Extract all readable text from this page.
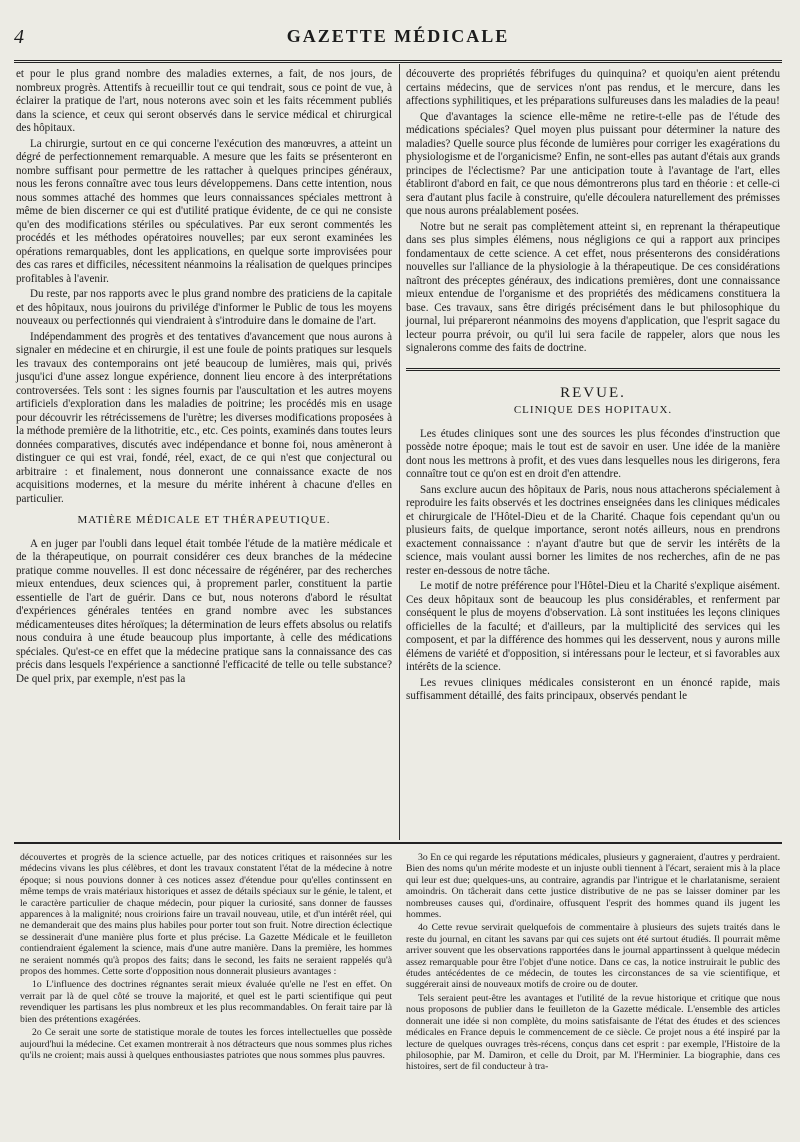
4	GAZETTE MÉDICALE

et pour le plus grand nombre des maladies externes, a fait, de nos jours, de nombreux progrès. Attentifs à recueillir tout ce qui tendrait, sous ce point de vue, à éclairer la pratique de l'art, nous noterons avec soin et les faits récemment publiés dans la science, et ceux qui seront observés dans le service médical et chirurgical des hôpitaux.

La chirurgie, surtout en ce qui concerne l'exécution des manœuvres, a atteint un dégré de perfectionnement remarquable. A mesure que les faits se présenteront en nombre suffisant pour permettre de les rattacher à quelques principes généraux, nous les ferons connaître avec tous leurs développemens. Dans cette intention, nous nous sommes attaché des hommes que leurs connaissances spéciales mettront à même de bien discerner ce qui est d'utilité pratique évidente, de ce qui ne consiste qu'en des modifications stériles ou spéculatives. Par eux seront commentés les procédés et les méthodes opératoires nouvelles; par eux seront examinées les opérations remarquables, dont les applications, en quelque sorte improvisées pour des cas rares et difficiles, nécessitent néanmoins la réalisation de quelques principes profitables à l'avenir.

Du reste, par nos rapports avec le plus grand nombre des praticiens de la capitale et des hôpitaux, nous jouirons du privilége d'informer le Public de tous les moyens nouveaux ou perfectionnés qui viendraient à s'introduire dans le domaine de l'art.

Indépendamment des progrès et des tentatives d'avancement que nous aurons à signaler en médecine et en chirurgie, il est une foule de points pratiques sur lesquels les travaux des contemporains ont jeté beaucoup de lumières, mais qui, privés jusqu'ici d'une assez longue expérience, donnent lieu encore à des interprétations controversées. Tels sont : les signes fournis par l'auscultation et les autres moyens artificiels d'exploration dans les maladies de poitrine; les procédés mis en usage pour découvrir les rétrécissemens de l'urètre; les diverses modifications proposées à la méthode première de la lithotritie, etc., etc. Ces points, examinés dans toutes leurs données comparatives, discutés avec indépendance et bonne foi, nous amèneront à distinguer ce qui est vrai, fondé, réel, exact, de ce qui n'est que conjectural ou arbitraire : et finalement, nous donneront une connaissance exacte de nos acquisitions modernes, et la mesure du mérite inhérent à chacune d'elles en particulier.

MATIÈRE MÉDICALE ET THÉRAPEUTIQUE.

A en juger par l'oubli dans lequel était tombée l'étude de la matière médicale et de la thérapeutique, on pourrait considérer ces deux branches de la médecine pratique comme nouvelles. Il est donc nécessaire de régénérer, par des recherches mieux entendues, deux sciences qui, à proprement parler, constituent la partie essentielle de l'art de guérir. Dans ce but, nous noterons d'abord le résultat d'expériences générales tentées en grand nombre avec les substances médicamenteuses dites héroïques; la détermination de leurs effets absolus ou relatifs nous conduira à une étude beaucoup plus importante, à celle des médications spéciales. Qu'est-ce en effet que la médecine pratique sans la connaissance des cas précis dans lesquels l'expérience a sanctionné l'efficacité de telle ou telle substance? De quel prix, par exemple, n'est pas la

découverte des propriétés fébrifuges du quinquina? et quoiqu'en aient prétendu certains médecins, que de services n'ont pas rendus, et le mercure, dans les affections syphilitiques, et les préparations sulfureuses dans les maladies de la peau!

Que d'avantages la science elle-même ne retire-t-elle pas de l'étude des médications spéciales? Quel moyen plus puissant pour déterminer la nature des maladies? Quelle source plus féconde de lumières pour corriger les exagérations du physiologisme et de l'organicisme? Enfin, ne sont-elles pas autant d'étais aux grands principes de l'éclectisme? Par une anticipation toute à l'avantage de l'art, elles établiront d'abord en fait, ce que nous démontrerons plus tard en théorie : et celle-ci sera d'autant plus facile à construire, qu'elle découlera naturellement des prémisses que nous aurons préalablement posées.

Notre but ne serait pas complètement atteint si, en reprenant la thérapeutique dans ses plus simples élémens, nous négligions ce qui a rapport aux principes fondamentaux de cette science. A cet effet, nous présenterons des considérations nouvelles sur l'alliance de la physiologie à la thérapeutique. De ces considérations naîtront des préceptes généraux, des indications premières, dont une connaissance mieux entendue de l'organisme et des propriétés des médicamens constituera la base. Ces travaux, sans être dirigés précisément dans le but philosophique du journal, lui prépareront néanmoins des moyens d'application, que l'esprit sagace du lecteur pourra prévoir, ou qu'il lui sera facile de rappeler, alors que nous les signalerons comme des faits de doctrine.

REVUE.
CLINIQUE DES HOPITAUX.

Les études cliniques sont une des sources les plus fécondes d'instruction que possède notre époque; mais le tout est de savoir en user. Une idée de la manière dont nous les mettrons à profit, et des vues dans lesquelles nous les dirigerons, fera connaître tout ce qu'on est en droit d'en attendre.

Sans exclure aucun des hôpitaux de Paris, nous nous attacherons spécialement à reproduire les faits observés et les doctrines enseignées dans les cliniques médicales et chirurgicale de l'Hôtel-Dieu et de la Charité. Chaque fois cependant qu'un ou plusieurs faits, de quelque importance, seront notés ailleurs, nous en prendrons exactement connaissance : n'ayant d'autre but que de servir les intérêts de la science, mais voulant aussi borner les limites de nos recherches, afin de ne pas rester en-dessous de notre tâche.

Le motif de notre préférence pour l'Hôtel-Dieu et la Charité s'explique aisément. Ces deux hôpitaux sont de beaucoup les plus considérables, et renferment par conséquent le plus de moyens d'observation. Là sont instituées les leçons cliniques officielles de la faculté; et d'ailleurs, par la multiplicité des services qui les composent, et par la différence des hommes qui les desservent, nous y aurons mille élémens de variété et d'opposition, si intéressans pour le lecteur, et si favorables aux intérêts de la science.

Les revues cliniques médicales consisteront en un énoncé rapide, mais suffisamment détaillé, des faits principaux, observés pendant le

découvertes et progrès de la science actuelle, par des notices critiques et raisonnées sur les médecins vivans les plus célèbres, et dont les travaux constatent l'état de la médecine à notre époque; si nous pouvions donner à ces notices assez d'étendue pour qu'elles continssent en même temps de vrais matériaux historiques et assez de détails spéciaux sur le génie, le talent, et le caractère particulier de chaque médecin, pour piquer la curiosité, sans donner de fausses apparences à la malignité; nous croirions faire un travail nouveau, utile, et d'un intérêt réel, qui ne demanderait que des mains plus habiles pour porter tout son fruit. Notre direction éclectique se dessinerait d'une manière plus forte et plus précise. La Gazette Médicale et le feuilleton contiendraient également la science, mais d'une autre manière. Dans la première, les hommes ne seraient nommés qu'à propos des faits; dans le second, les faits ne seraient rappelés qu'à propos des hommes. Cette sorte d'opposition nous donnerait plusieurs avantages :

1o L'influence des doctrines régnantes serait mieux évaluée qu'elle ne l'est en effet. On verrait par là de quel côté se trouve la majorité, et quel est le parti scientifique qui peut revendiquer les partisans les plus nombreux et les plus recommandables. On ferait taire par là bien des prétentions exagérées.

2o Ce serait une sorte de statistique morale de toutes les forces intellectuelles que possède aujourd'hui la médecine. Cet examen montrerait à nos détracteurs que nous sommes plus riches qu'ils ne croient; mais aussi à quelques enthousiastes patriotes que nous sommes plus pauvres.

3o En ce qui regarde les réputations médicales, plusieurs y gagneraient, d'autres y perdraient. Bien des noms qu'un mérite modeste et un injuste oubli tiennent à l'écart, seraient mis à la place qui leur est due; quelques-uns, au contraire, agrandis par l'intrigue et le charlatanisme, seraient amoindris. On tâcherait dans cette justice distributive de ne pas se laisser dominer par les nombreuses causes qui, d'ordinaire, offusquent l'esprit des hommes quand ils jugent les hommes.

4o Cette revue servirait quelquefois de commentaire à plusieurs des sujets traités dans le reste du journal, en citant les savans par qui ces sujets ont été surtout étudiés. Il pourrait même arriver souvent que les observations rapportées dans le journal appartinssent à quelque médecin assez remarquable pour être l'objet d'une notice. Dans ce cas, la notice instruirait le public des études antécédentes de ce médecin, de toutes les circonstances de sa vie scientifique, et suggérerait ainsi de nouveaux motifs de croire ou de douter.

Tels seraient peut-être les avantages et l'utilité de la revue historique et critique que nous nous proposons de publier dans le feuilleton de la Gazette médicale. L'ensemble des articles donnerait une idée si non complète, du moins satisfaisante de l'état des études et des sciences médicales en France depuis le commencement de ce siècle. Ce projet nous a été inspiré par la lecture de quelques ouvrages très-récens, conçus dans cet esprit : par exemple, l'Histoire de la philosophie, par M. Damiron, et celle du Droit, par M. l'Herminier. La biographie, dans ces histoires, sert de fil conducteur à tra-
